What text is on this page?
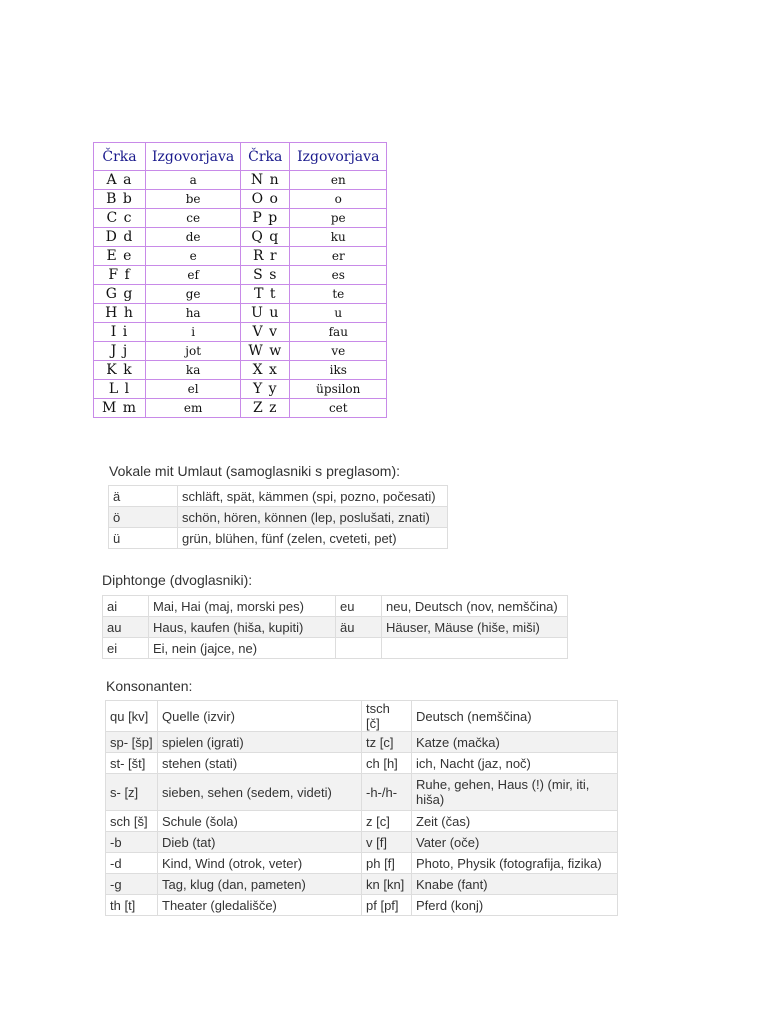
Črka	Izgovorjava	Črka	Izgovorjava
A a	a	N n	en
B b	be	O o	o
C c	ce	P p	pe
D d	de	Q q	ku
E e	e	R r	er
F f	ef	S s	es
G g	ge	T t	te
H h	ha	U u	u
I i	i	V v	fau
J j	jot	W w	ve
K k	ka	X x	iks
L l	el	Y y	üpsilon
M m	em	Z z	cet
Vokale mit Umlaut (samoglasniki s preglasom):
ä	schläft, spät, kämmen (spi, pozno, počesati)
ö	schön, hören, können (lep, poslušati, znati)
ü	grün, blühen, fünf (zelen, cveteti, pet)
Diphtonge (dvoglasniki):
ai	Mai, Hai (maj, morski pes)	eu	neu, Deutsch (nov, nemščina)
au	Haus, kaufen (hiša, kupiti)	äu	Häuser, Mäuse (hiše, miši)
ei	Ei, nein (jajce, ne)		
Konsonanten:
qu [kv]	Quelle (izvir)	tsch [č]	Deutsch (nemščina)
sp- [šp]	spielen (igrati)	tz [c]	Katze (mačka)
st- [št]	stehen (stati)	ch [h]	ich, Nacht (jaz, noč)
s- [z]	sieben, sehen (sedem, videti)	-h-/h-	Ruhe, gehen, Haus (!) (mir, iti, hiša)
sch [š]	Schule (šola)	z [c]	Zeit (čas)
-b	Dieb (tat)	v [f]	Vater (oče)
-d	Kind, Wind (otrok, veter)	ph [f]	Photo, Physik (fotografija, fizika)
-g	Tag, klug (dan, pameten)	kn [kn]	Knabe (fant)
th [t]	Theater (gledališče)	pf [pf]	Pferd (konj)
